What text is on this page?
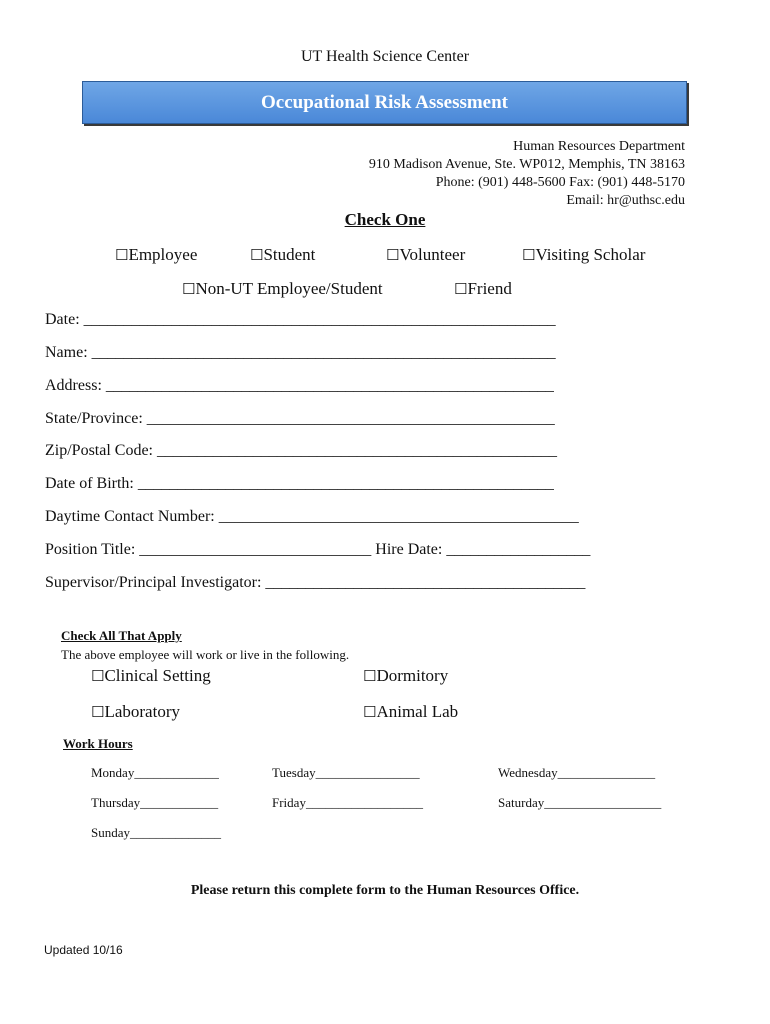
UT Health Science Center
Occupational Risk Assessment
Human Resources Department
910 Madison Avenue, Ste. WP012, Memphis, TN 38163
Phone: (901) 448-5600 Fax: (901) 448-5170
Email: hr@uthsc.edu
Check One
☐Employee	☐Student	☐Volunteer	☐Visiting Scholar
☐Non-UT Employee/Student	☐Friend
Date: ___________________________________________________________
Name: __________________________________________________________
Address: ________________________________________________________
State/Province: ___________________________________________________
Zip/Postal Code: __________________________________________________
Date of Birth: ____________________________________________________
Daytime Contact Number: _____________________________________________
Position Title: _____________________________ Hire Date: __________________
Supervisor/Principal Investigator: ________________________________________
Check All That Apply
The above employee will work or live in the following.
☐Clinical Setting	☐Dormitory
☐Laboratory	☐Animal Lab
Work Hours
Monday_____________	Tuesday________________	Wednesday_______________
Thursday____________	Friday__________________	Saturday__________________
Sunday______________
Please return this complete form to the Human Resources Office.
Updated 10/16
